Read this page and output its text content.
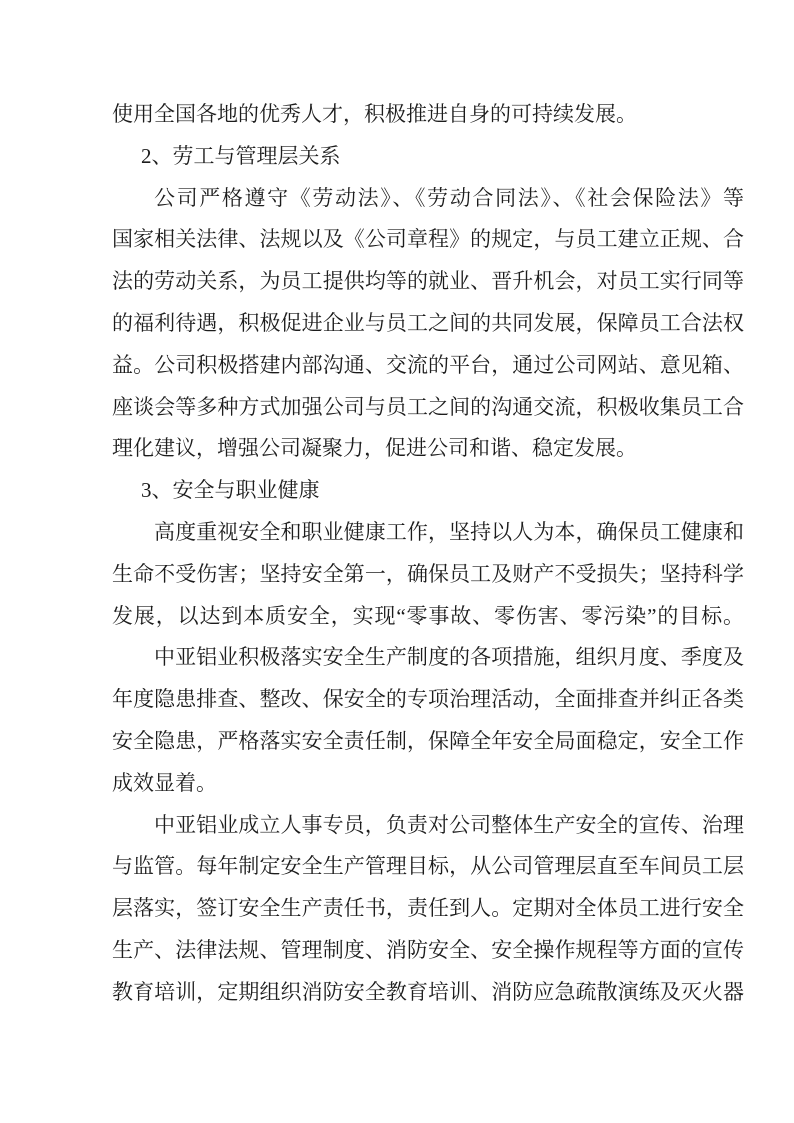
使用全国各地的优秀人才，积极推进自身的可持续发展。
2、劳工与管理层关系
公司严格遵守《劳动法》、《劳动合同法》、《社会保险法》等
国家相关法律、法规以及《公司章程》的规定，与员工建立正规、合
法的劳动关系，为员工提供均等的就业、晋升机会，对员工实行同等
的福利待遇，积极促进企业与员工之间的共同发展，保障员工合法权
益。公司积极搭建内部沟通、交流的平台，通过公司网站、意见箱、
座谈会等多种方式加强公司与员工之间的沟通交流，积极收集员工合
理化建议，增强公司凝聚力，促进公司和谐、稳定发展。
3、安全与职业健康
高度重视安全和职业健康工作，坚持以人为本，确保员工健康和
生命不受伤害；坚持安全第一，确保员工及财产不受损失；坚持科学
发展，以达到本质安全，实现“零事故、零伤害、零污染”的目标。
中亚铝业积极落实安全生产制度的各项措施，组织月度、季度及
年度隐患排查、整改、保安全的专项治理活动，全面排查并纠正各类
安全隐患，严格落实安全责任制，保障全年安全局面稳定，安全工作
成效显着。
中亚铝业成立人事专员，负责对公司整体生产安全的宣传、治理
与监管。每年制定安全生产管理目标，从公司管理层直至车间员工层
层落实，签订安全生产责任书，责任到人。定期对全体员工进行安全
生产、法律法规、管理制度、消防安全、安全操作规程等方面的宣传
教育培训，定期组织消防安全教育培训、消防应急疏散演练及灭火器
